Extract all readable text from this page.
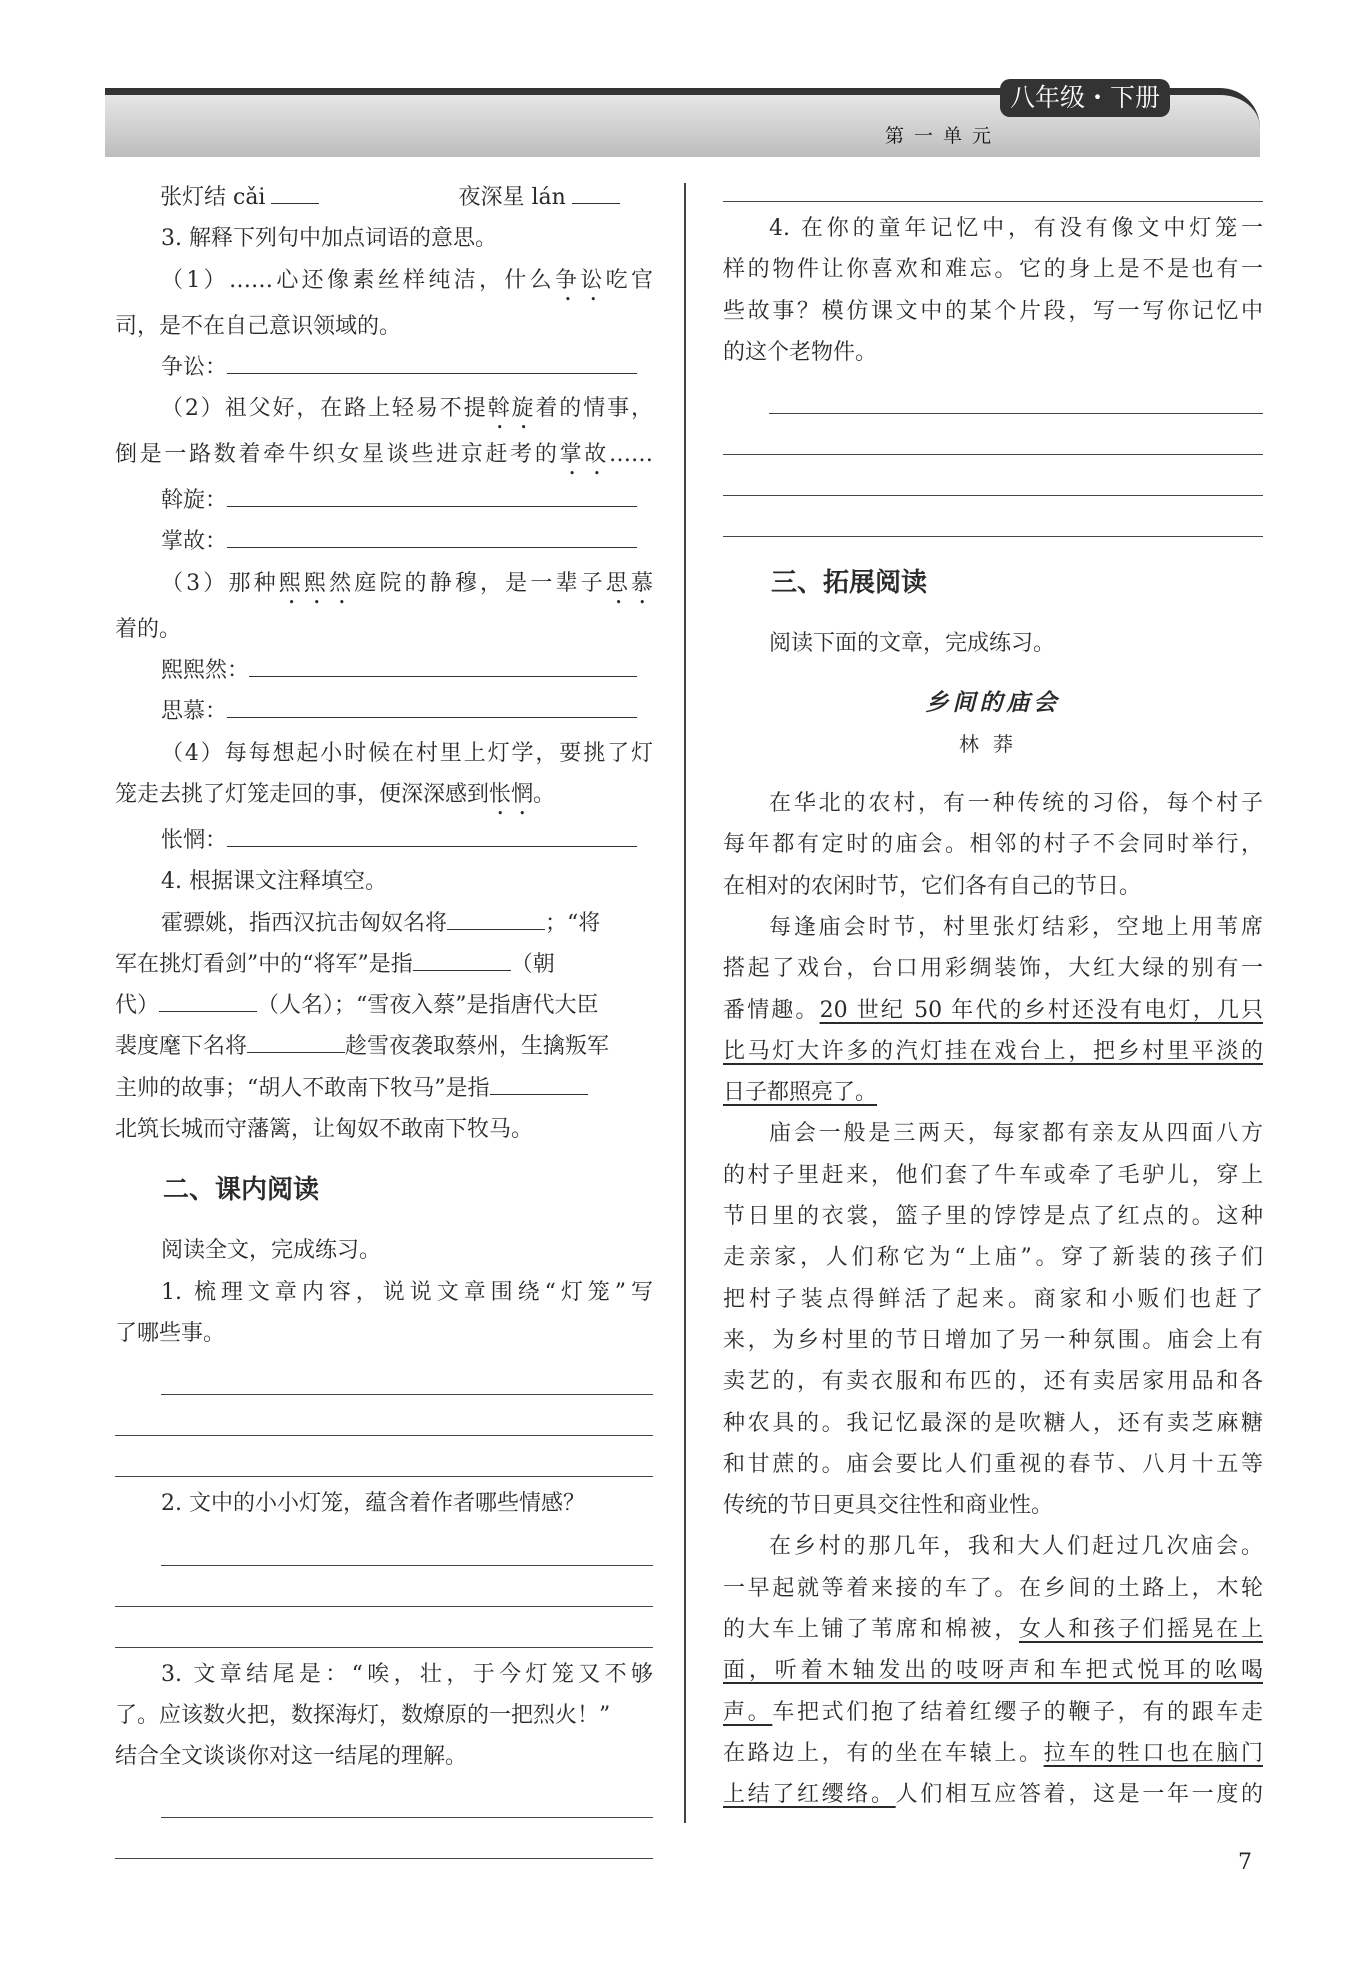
八年级・下册
第一单元
张灯结 cǎi	夜深星 lán
3. 解释下列句中加点词语的意思。
（1）……心还像素丝样纯洁，什么争讼吃官
司，是不在自己意识领域的。
争讼：
（2）祖父好，在路上轻易不提斡旋着的情事，
倒是一路数着牵牛织女星谈些进京赶考的掌故……
斡旋：
掌故：
（3）那种熙熙然庭院的静穆，是一辈子思慕
着的。
熙熙然：
思慕：
（4）每每想起小时候在村里上灯学，要挑了灯
笼走去挑了灯笼走回的事，便深深感到怅惘。
怅惘：
4. 根据课文注释填空。
霍骠姚，指西汉抗击匈奴名将	；“将
军在挑灯看剑”中的“将军”是指	（朝
代）	（人名）；“雪夜入蔡”是指唐代大臣
裴度麾下名将	趁雪夜袭取蔡州，生擒叛军
主帅的故事；“胡人不敢南下牧马”是指
北筑长城而守藩篱，让匈奴不敢南下牧马。
二、课内阅读
阅读全文，完成练习。
1. 梳理文章内容，说说文章围绕“灯笼”写
了哪些事。
2. 文中的小小灯笼，蕴含着作者哪些情感？
3. 文章结尾是：“唉，壮，于今灯笼又不够
了。应该数火把，数探海灯，数燎原的一把烈火！”
结合全文谈谈你对这一结尾的理解。
4. 在你的童年记忆中，有没有像文中灯笼一
样的物件让你喜欢和难忘。它的身上是不是也有一
些故事？模仿课文中的某个片段，写一写你记忆中
的这个老物件。
三、拓展阅读
阅读下面的文章，完成练习。
乡间的庙会
林莽
在华北的农村，有一种传统的习俗，每个村子
每年都有定时的庙会。相邻的村子不会同时举行，
在相对的农闲时节，它们各有自己的节日。
每逢庙会时节，村里张灯结彩，空地上用苇席
搭起了戏台，台口用彩绸装饰，大红大绿的别有一
番情趣。20 世纪 50 年代的乡村还没有电灯，几只
比马灯大许多的汽灯挂在戏台上，把乡村里平淡的
日子都照亮了。
庙会一般是三两天，每家都有亲友从四面八方
的村子里赶来，他们套了牛车或牵了毛驴儿，穿上
节日里的衣裳，篮子里的饽饽是点了红点的。这种
走亲家，人们称它为“上庙”。穿了新装的孩子们
把村子装点得鲜活了起来。商家和小贩们也赶了
来，为乡村里的节日增加了另一种氛围。庙会上有
卖艺的，有卖衣服和布匹的，还有卖居家用品和各
种农具的。我记忆最深的是吹糖人，还有卖芝麻糖
和甘蔗的。庙会要比人们重视的春节、八月十五等
传统的节日更具交往性和商业性。
在乡村的那几年，我和大人们赶过几次庙会。
一早起就等着来接的车了。在乡间的土路上，木轮
的大车上铺了苇席和棉被，女人和孩子们摇晃在上
面，听着木轴发出的吱呀声和车把式悦耳的吆喝
声。车把式们抱了结着红缨子的鞭子，有的跟车走
在路边上，有的坐在车辕上。拉车的牲口也在脑门
上结了红缨络。人们相互应答着，这是一年一度的
7
